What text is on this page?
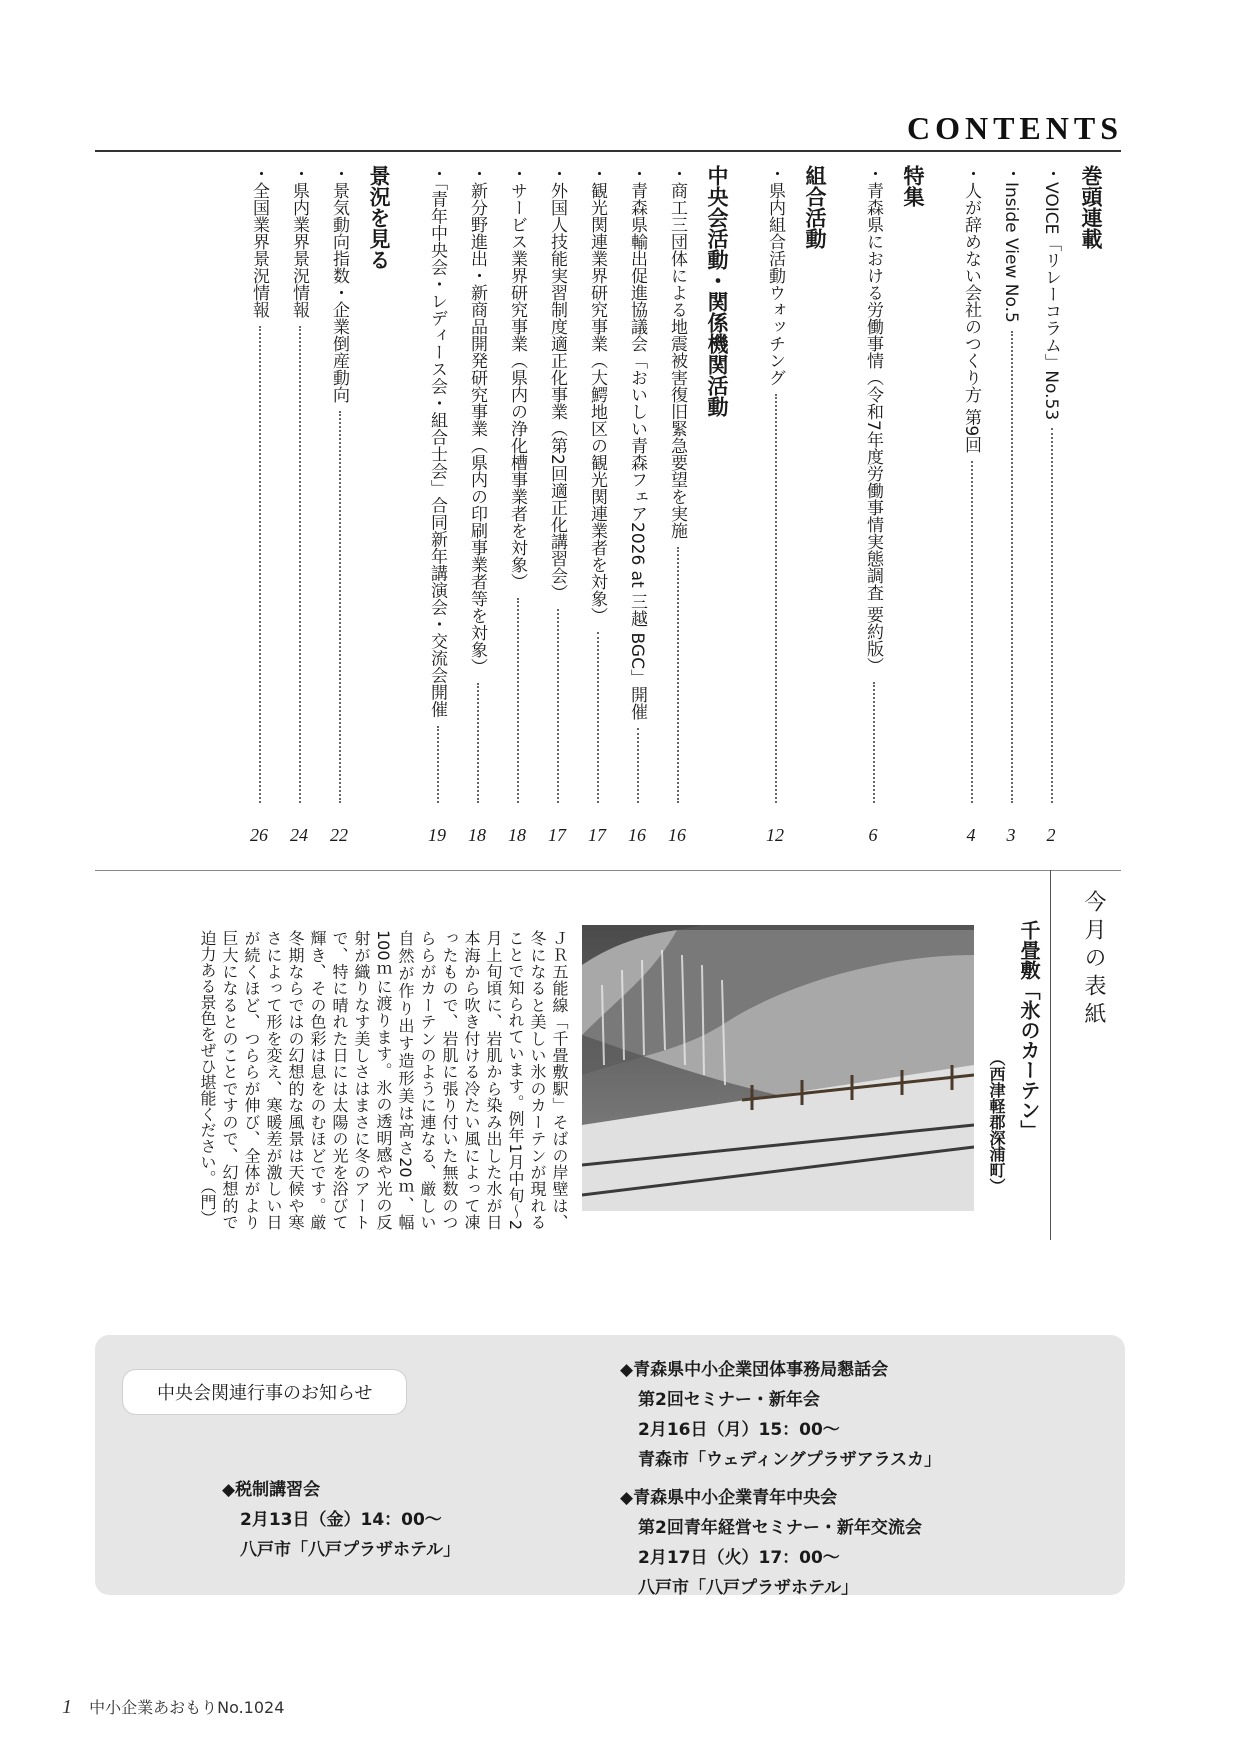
CONTENTS
巻頭連載
・VOICE「リレーコラム」No.53
2
・Inside View No.5
3
・人が辞めない会社のつくり方 第9回
4
特集
・青森県における労働事情（令和7年度労働事情実態調査 要約版）
6
組合活動
・県内組合活動ウォッチング
12
中央会活動・関係機関活動
・商工三団体による地震被害復旧緊急要望を実施
16
・青森県輸出促進協議会「おいしい青森フェア2026 at 三越 BGC」開催
16
・観光関連業界研究事業（大鰐地区の観光関連業者を対象）
17
・外国人技能実習制度適正化事業（第2回適正化講習会）
17
・サービス業界研究事業（県内の浄化槽事業者を対象）
18
・新分野進出・新商品開発研究事業（県内の印刷事業者等を対象）
18
・「青年中央会・レディース会・組合士会」合同新年講演会・交流会開催
19
景況を見る
・景気動向指数・企業倒産動向
22
・県内業界景況情報
24
・全国業界景況情報
26
今月の表紙
千畳敷「氷のカーテン」
（西津軽郡深浦町）
ＪＲ五能線「千畳敷駅」そばの岸壁は、冬になると美しい氷のカーテンが現れることで知られています。例年1月中旬～2月上旬頃に、岩肌から染み出した水が日本海から吹き付ける冷たい風によって凍ったもので、岩肌に張り付いた無数のつららがカーテンのように連なる、厳しい自然が作り出す造形美は高さ20ｍ、幅100ｍに渡ります。氷の透明感や光の反射が織りなす美しさはまさに冬のアートで、特に晴れた日には太陽の光を浴びて輝き、その色彩は息をのむほどです。厳冬期ならではの幻想的な風景は天候や寒さによって形を変え、寒暖差が激しい日が続くほど、つららが伸び、全体がより巨大になるとのことですので、幻想的で迫力ある景色をぜひ堪能ください。（門）
中央会関連行事のお知らせ
◆税制講習会
2月13日（金）14：00～
八戸市「八戸プラザホテル」
◆青森県中小企業団体事務局懇話会
第2回セミナー・新年会
2月16日（月）15：00～
青森市「ウェディングプラザアラスカ」
◆青森県中小企業青年中央会
第2回青年経営セミナー・新年交流会
2月17日（火）17：00～
八戸市「八戸プラザホテル」
1 中小企業あおもりNo.1024
